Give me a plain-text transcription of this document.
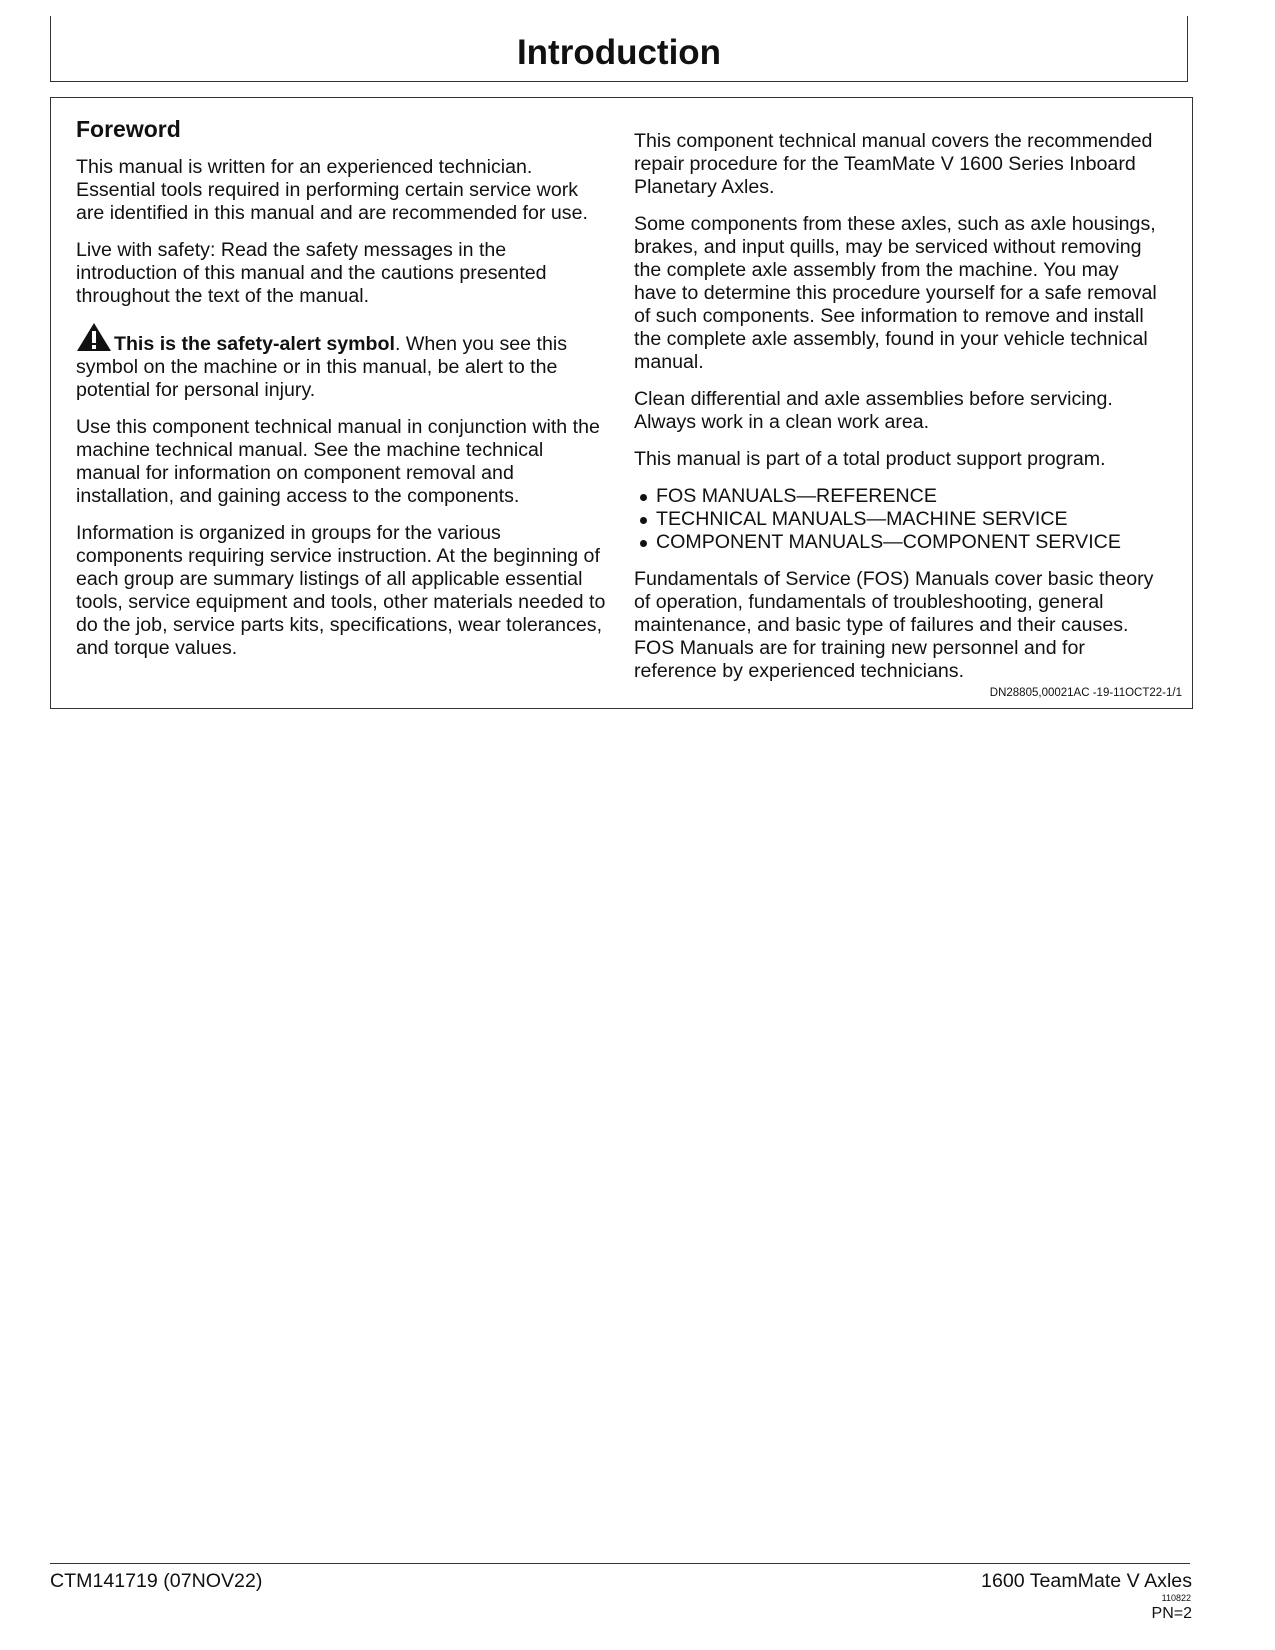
Introduction
Foreword

This manual is written for an experienced technician. Essential tools required in performing certain service work are identified in this manual and are recommended for use.

Live with safety: Read the safety messages in the introduction of this manual and the cautions presented throughout the text of the manual.

This is the safety-alert symbol. When you see this symbol on the machine or in this manual, be alert to the potential for personal injury.

Use this component technical manual in conjunction with the machine technical manual. See the machine technical manual for information on component removal and installation, and gaining access to the components.

Information is organized in groups for the various components requiring service instruction. At the beginning of each group are summary listings of all applicable essential tools, service equipment and tools, other materials needed to do the job, service parts kits, specifications, wear tolerances, and torque values.

This component technical manual covers the recommended repair procedure for the TeamMate V 1600 Series Inboard Planetary Axles.

Some components from these axles, such as axle housings, brakes, and input quills, may be serviced without removing the complete axle assembly from the machine. You may have to determine this procedure yourself for a safe removal of such components. See information to remove and install the complete axle assembly, found in your vehicle technical manual.

Clean differential and axle assemblies before servicing. Always work in a clean work area.

This manual is part of a total product support program.

FOS MANUALS—REFERENCE
TECHNICAL MANUALS—MACHINE SERVICE
COMPONENT MANUALS—COMPONENT SERVICE

Fundamentals of Service (FOS) Manuals cover basic theory of operation, fundamentals of troubleshooting, general maintenance, and basic type of failures and their causes. FOS Manuals are for training new personnel and for reference by experienced technicians.

DN28805,00021AC -19-11OCT22-1/1
CTM141719 (07NOV22)	1600 TeamMate V Axles
110822
PN=2
